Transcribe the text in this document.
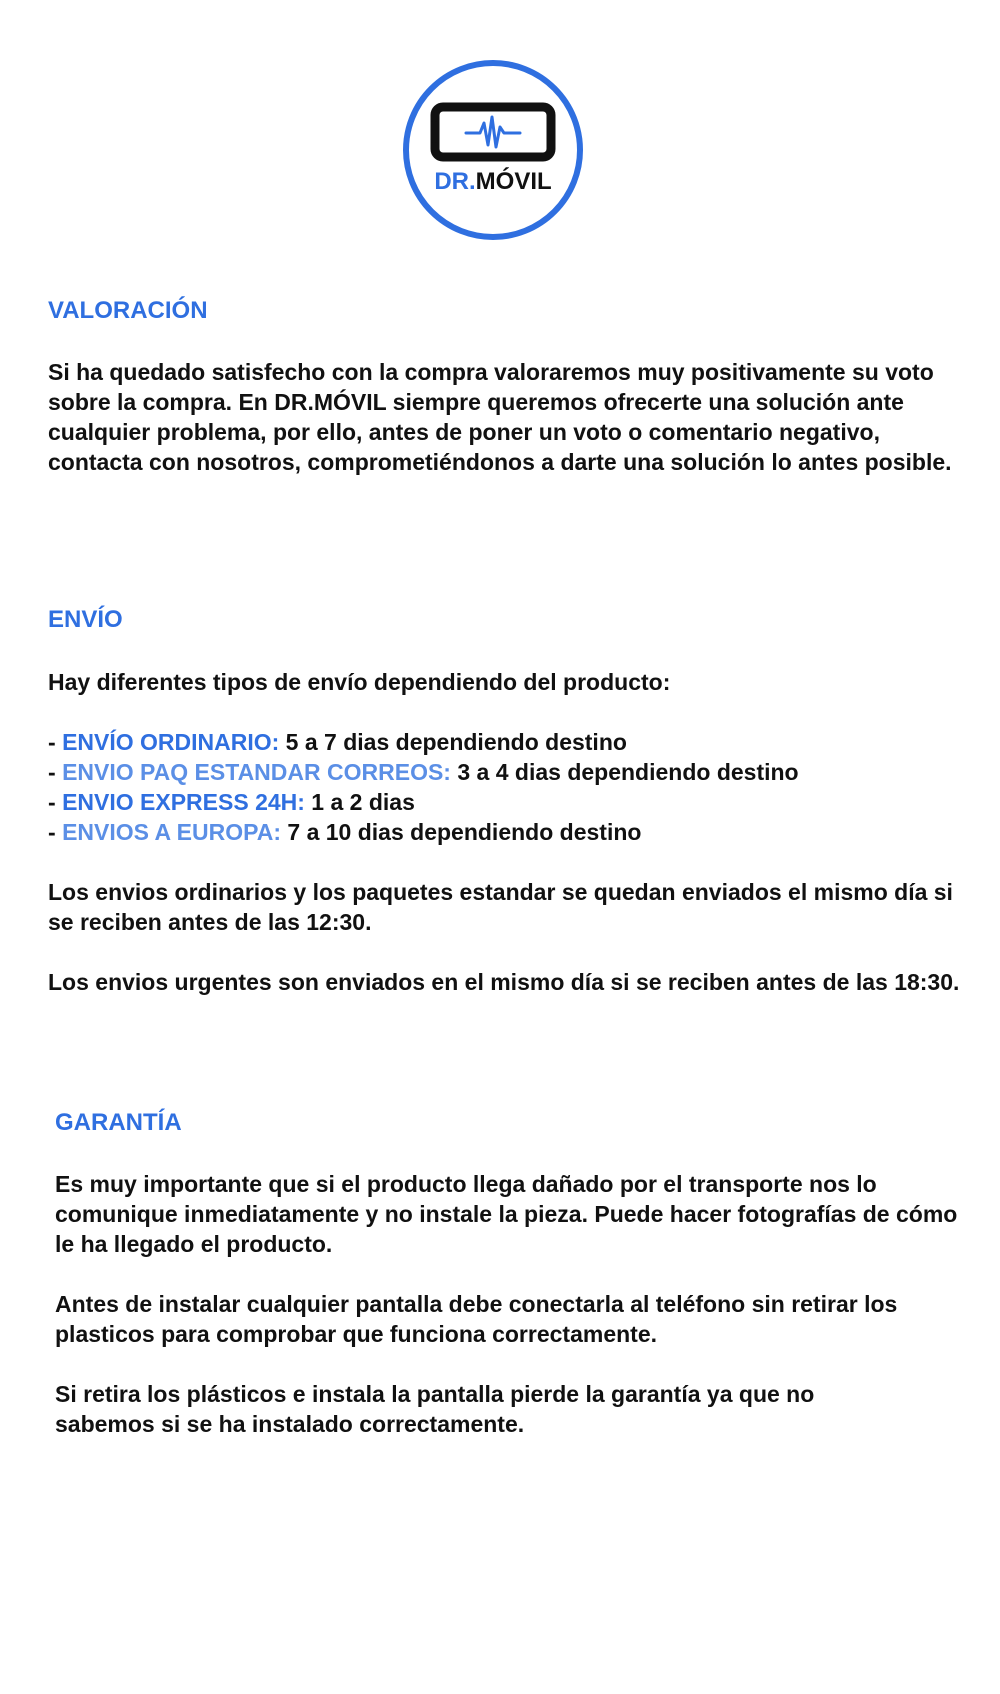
DR.MÓVIL
VALORACIÓN

Si ha quedado satisfecho con la compra valoraremos muy positivamente su voto sobre la compra. En DR.MÓVIL siempre queremos ofrecerte una solución ante cualquier problema, por ello, antes de poner un voto o comentario negativo, contacta con nosotros, comprometiéndonos a darte una solución lo antes posible.

ENVÍO

Hay diferentes tipos de envío dependiendo del producto:

- ENVÍO ORDINARIO: 5 a 7 dias dependiendo destino
- ENVIO PAQ ESTANDAR CORREOS: 3 a 4 dias dependiendo destino
- ENVIO EXPRESS 24H: 1 a 2 dias
- ENVIOS A EUROPA: 7 a 10 dias dependiendo destino

Los envios ordinarios y los paquetes estandar se quedan enviados el mismo día si se reciben antes de las 12:30.

Los envios urgentes son enviados en el mismo día si se reciben antes de las 18:30.

GARANTÍA

Es muy importante que si el producto llega dañado por el transporte nos lo comunique inmediatamente y no instale la pieza. Puede hacer fotografías de cómo le ha llegado el producto.

Antes de instalar cualquier pantalla debe conectarla al teléfono sin retirar los plasticos para comprobar que funciona correctamente.

Si retira los plásticos e instala la pantalla pierde la garantía ya que no sabemos si se ha instalado correctamente.
